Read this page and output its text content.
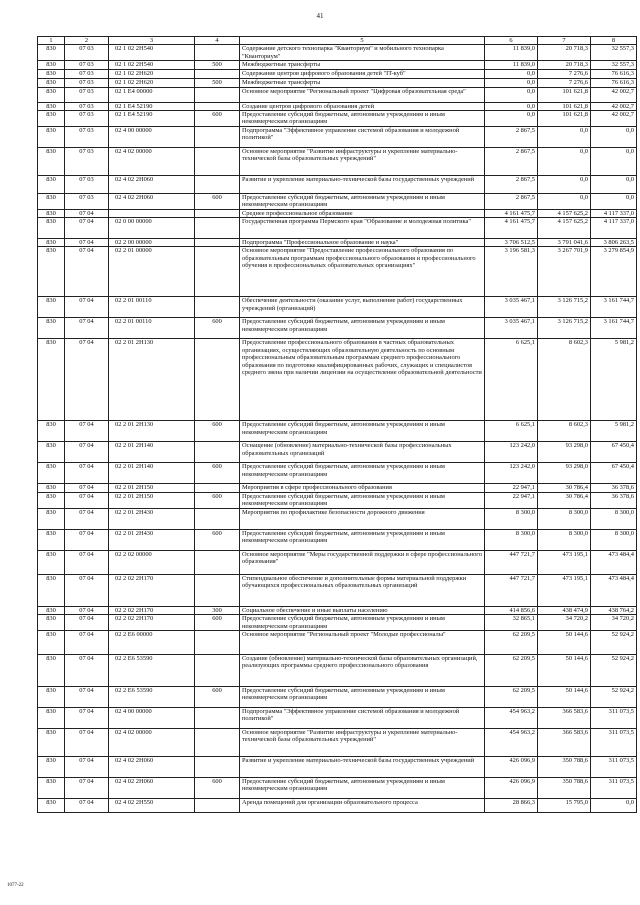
41
1	2	3	4	5	6	7	8
830	07 03	02 1 02 2Н540		Содержание детского технопарка "Кванториум" и мобильного технопарка "Кванториум"	11 839,0	20 718,3	32 557,3
830	07 03	02 1 02 2Н540	500	Межбюджетные трансферты	11 839,0	20 718,3	32 557,3
830	07 03	02 1 02 2Н620		Содержание центров цифрового образования детей "IT-куб"	0,0	7 276,6	76 616,3
830	07 03	02 1 02 2Н620	500	Межбюджетные трансферты	0,0	7 276,6	76 616,3
830	07 03	02 1 E4 00000		Основное мероприятие "Региональный проект "Цифровая образовательная среда"	0,0	101 621,8	42 002,7
830	07 03	02 1 E4 52190		Создание центров цифрового образования детей	0,0	101 621,8	42 002,7
830	07 03	02 1 E4 52190	600	Предоставление субсидий бюджетным, автономным учреждениям и иным некоммерческим организациям	0,0	101 621,8	42 002,7
830	07 03	02 4 00 00000		Подпрограмма "Эффективное управление системой образования и молодежной политикой"	2 867,5	0,0	0,0
830	07 03	02 4 02 00000		Основное мероприятие "Развитие инфраструктуры и укрепление материально-технической базы образовательных учреждений"	2 867,5	0,0	0,0
830	07 03	02 4 02 2Н060		Развитие и укрепление материально-технической базы государственных учреждений	2 867,5	0,0	0,0
830	07 03	02 4 02 2Н060	600	Предоставление субсидий бюджетным, автономным учреждениям и иным некоммерческим организациям	2 867,5	0,0	0,0
830	07 04			Среднее профессиональное образование	4 161 475,7	4 157 625,2	4 117 337,0
830	07 04	02 0 00 00000		Государственная программа Пермского края "Образование и молодежная политика"	4 161 475,7	4 157 625,2	4 117 337,0
830	07 04	02 2 00 00000		Подпрограмма "Профессиональное образование и наука"	3 706 512,5	3 791 041,6	3 806 263,5
830	07 04	02 2 01 00000		Основное мероприятие "Предоставление профессионального образования по образовательным программам профессионального образования и профессионального обучения в профессиональных образовательных организациях"	3 196 581,3	3 267 701,9	3 279 854,9
830	07 04	02 2 01 00110		Обеспечение деятельности (оказание услуг, выполнение работ) государственных учреждений (организаций)	3 035 467,1	3 126 715,2	3 161 744,7
830	07 04	02 2 01 00110	600	Предоставление субсидий бюджетным, автономным учреждениям и иным некоммерческим организациям	3 035 467,1	3 126 715,2	3 161 744,7
830	07 04	02 2 01 2Н130		Предоставление профессионального образования в частных образовательных организациях, осуществляющих образовательную деятельность по основным профессиональным образовательным программам среднего профессионального образования по подготовке квалифицированных рабочих, служащих и специалистов среднего звена при наличии лицензии на осуществление образовательной деятельности	6 625,1	8 602,3	5 981,2
830	07 04	02 2 01 2Н130	600	Предоставление субсидий бюджетным, автономным учреждениям и иным некоммерческим организациям	6 625,1	8 602,3	5 981,2
830	07 04	02 2 01 2Н140		Оснащение (обновление) материально-технической базы профессиональных образовательных организаций	123 242,0	93 298,0	67 450,4
830	07 04	02 2 01 2Н140	600	Предоставление субсидий бюджетным, автономным учреждениям и иным некоммерческим организациям	123 242,0	93 298,0	67 450,4
830	07 04	02 2 01 2Н150		Мероприятия в сфере профессионального образования	22 947,1	30 786,4	36 378,6
830	07 04	02 2 01 2Н150	600	Предоставление субсидий бюджетным, автономным учреждениям и иным некоммерческим организациям	22 947,1	30 786,4	36 378,6
830	07 04	02 2 01 2Н430		Мероприятия по профилактике безопасности дорожного движения	8 300,0	8 300,0	8 300,0
830	07 04	02 2 01 2Н430	600	Предоставление субсидий бюджетным, автономным учреждениям и иным некоммерческим организациям	8 300,0	8 300,0	8 300,0
830	07 04	02 2 02 00000		Основное мероприятие "Меры государственной поддержки в сфере профессионального образования"	447 721,7	473 195,1	473 484,4
830	07 04	02 2 02 2Н170		Стипендиальное обеспечение и дополнительные формы материальной поддержки обучающихся профессиональных образовательных организаций	447 721,7	473 195,1	473 484,4
830	07 04	02 2 02 2Н170	300	Социальное обеспечение и иные выплаты населению	414 856,6	438 474,9	438 764,2
830	07 04	02 2 02 2Н170	600	Предоставление субсидий бюджетным, автономным учреждениям и иным некоммерческим организациям	32 865,1	34 720,2	34 720,2
830	07 04	02 2 E6 00000		Основное мероприятие "Региональный проект "Молодые профессионалы"	62 209,5	50 144,6	52 924,2
830	07 04	02 2 E6 53590		Создание (обновление) материально-технической базы образовательных организаций, реализующих программы среднего профессионального образования	62 209,5	50 144,6	52 924,2
830	07 04	02 2 E6 53590	600	Предоставление субсидий бюджетным, автономным учреждениям и иным некоммерческим организациям	62 209,5	50 144,6	52 924,2
830	07 04	02 4 00 00000		Подпрограмма "Эффективное управление системой образования и молодежной политикой"	454 963,2	366 583,6	311 073,5
830	07 04	02 4 02 00000		Основное мероприятие "Развитие инфраструктуры и укрепление материально-технической базы образовательных учреждений"	454 963,2	366 583,6	311 073,5
830	07 04	02 4 02 2Н060		Развитие и укрепление материально-технической базы государственных учреждений	426 096,9	350 788,6	311 073,5
830	07 04	02 4 02 2Н060	600	Предоставление субсидий бюджетным, автономным учреждениям и иным некоммерческим организациям	426 096,9	350 788,6	311 073,5
830	07 04	02 4 02 2Н550		Аренда помещений для организации образовательного процесса	28 866,3	15 795,0	0,0
1077-22
